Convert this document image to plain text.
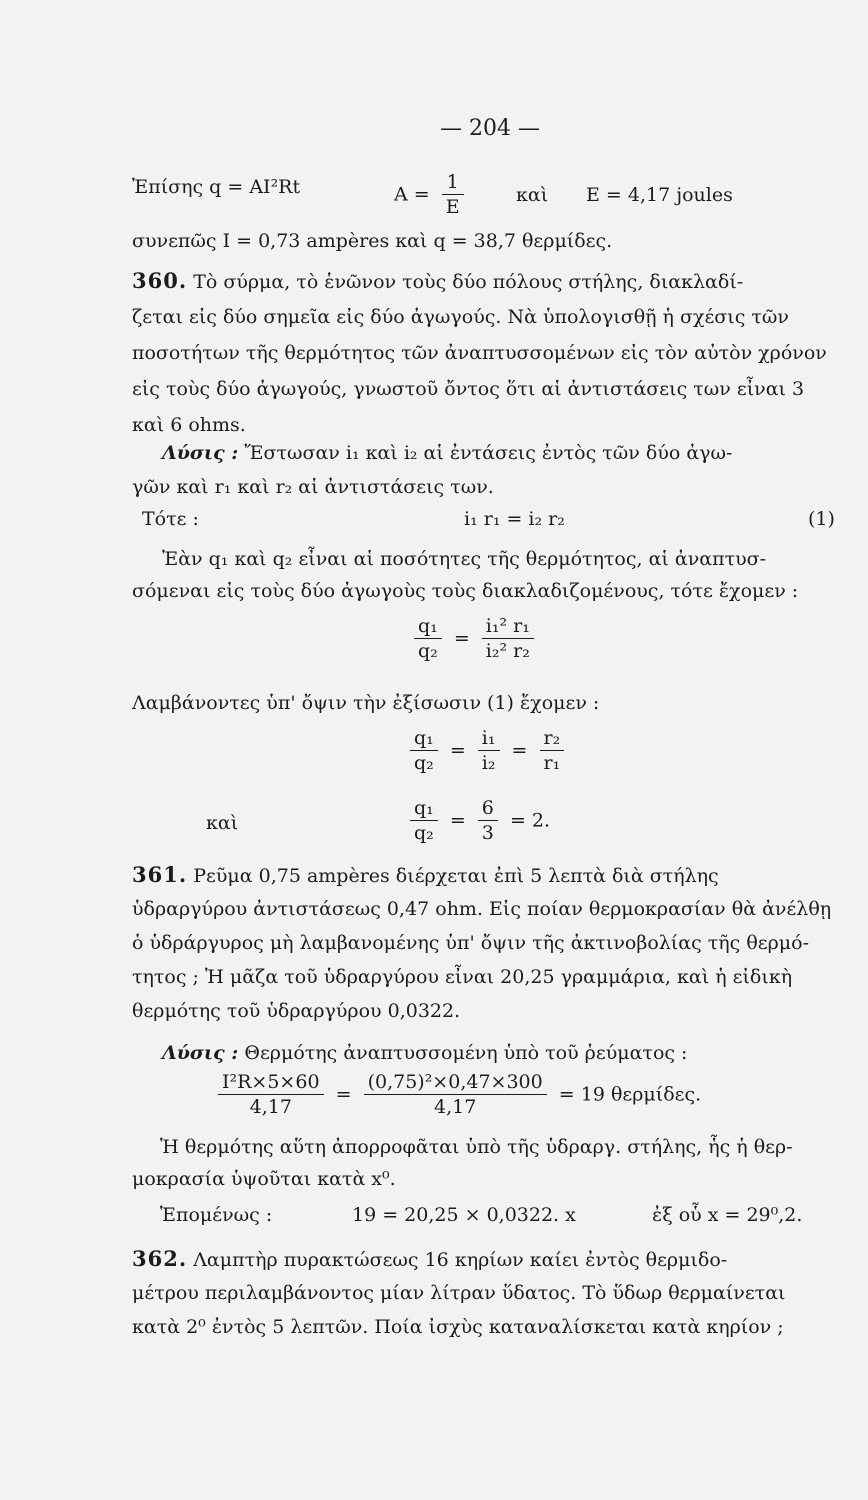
— 204 —
Ἐπίσης q = AI²Rt	$A = \frac{1}{E}$	καὶ E = 4,17 joules
συνεπῶς I = 0,73 ampères καὶ q = 38,7 θερμίδες.
360. Τὸ σύρμα, τὸ ἑνῶνον τοὺς δύο πόλους στήλης, διακλαδί-
ζεται εἰς δύο σημεῖα εἰς δύο ἀγωγούς. Νὰ ὑπολογισθῇ ἡ σχέσις τῶν
ποσοτήτων τῆς θερμότητος τῶν ἀναπτυσσομένων εἰς τὸν αὐτὸν χρόνον
εἰς τοὺς δύο ἀγωγούς, γνωστοῦ ὄντος ὅτι αἱ ἀντιστάσεις των εἶναι 3
καὶ 6 ohms.
Λύσις : Ἔστωσαν i₁ καὶ i₂ αἱ ἐντάσεις ἐντὸς τῶν δύο ἀγω-
γῶν καὶ r₁ καὶ r₂ αἱ ἀντιστάσεις των.
Τότε :	i₁ r₁ = i₂ r₂	(1)
Ἐὰν q₁ καὶ q₂ εἶναι αἱ ποσότητες τῆς θερμότητος, αἱ ἀναπτυσ-
σόμεναι εἰς τοὺς δύο ἀγωγοὺς τοὺς διακλαδιζομένους, τότε ἔχομεν :
$\frac{\text{q₁}}{\text{q₂}} = \frac{\text{i₁² r₁}}{\text{i₂² r₂}}$
Λαμβάνοντες ὑπ' ὄψιν τὴν ἐξίσωσιν (1) ἔχομεν :
$\frac{\text{q₁}}{\text{q₂}} = \frac{\text{i₁}}{\text{i₂}} = \frac{\text{r₂}}{\text{r₁}}$
καὶ	$\frac{\text{q₁}}{\text{q₂}} = \frac{6}{3} = 2$.
361. Ρεῦμα 0,75 ampères διέρχεται ἐπὶ 5 λεπτὰ διὰ στήλης
ὑδραργύρου ἀντιστάσεως 0,47 ohm. Εἰς ποίαν θερμοκρασίαν θὰ ἀνέλθῃ
ὁ ὑδράργυρος μὴ λαμβανομένης ὑπ' ὄψιν τῆς ἀκτινοβολίας τῆς θερμό-
τητος ; Ἡ μᾶζα τοῦ ὑδραργύρου εἶναι 20,25 γραμμάρια, καὶ ἡ εἰδικὴ
θερμότης τοῦ ὑδραργύρου 0,0322.
Λύσις : Θερμότης ἀναπτυσσομένη ὑπὸ τοῦ ῥεύματος :
$\frac{\text{I²R×5×60}}{4,17} = \frac{\text{(0,75)²×0,47×300}}{4,17} = 19$ θερμίδες.
Ἡ θερμότης αὕτη ἀπορροφᾶται ὑπὸ τῆς ὑδραργ. στήλης, ἧς ἡ θερ-
μοκρασία ὑψοῦται κατὰ x⁰.
Ἑπομένως :	19 = 20,25 × 0,0322. x	ἐξ οὗ x = 29⁰,2.
362. Λαμπτὴρ πυρακτώσεως 16 κηρίων καίει ἐντὸς θερμιδο-
μέτρου περιλαμβάνοντος μίαν λίτραν ὕδατος. Τὸ ὕδωρ θερμαίνεται
κατὰ 2⁰ ἐντὸς 5 λεπτῶν. Ποία ἰσχὺς καταναλίσκεται κατὰ κηρίον ;
